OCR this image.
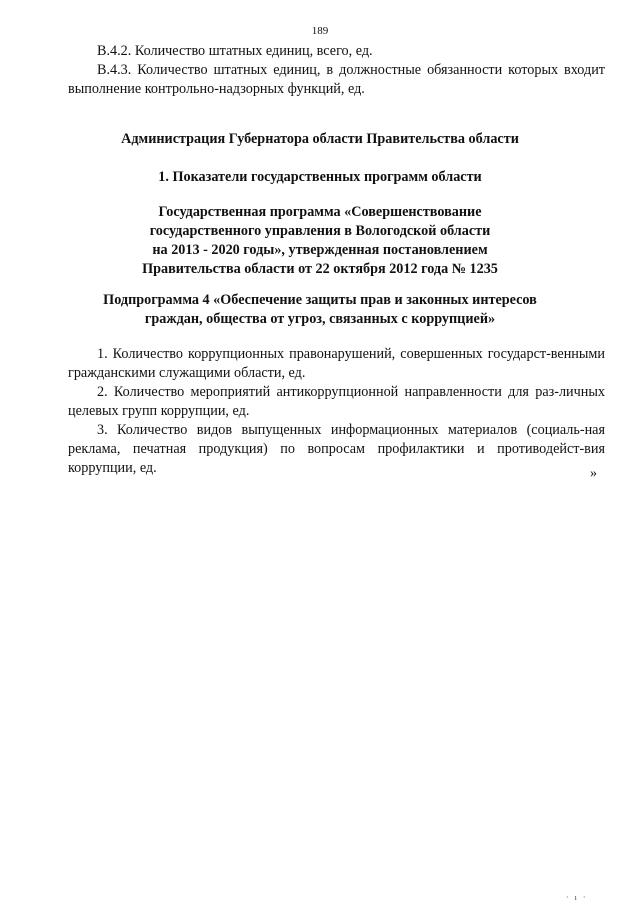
189
В.4.2. Количество штатных единиц, всего, ед.
В.4.3. Количество штатных единиц, в должностные обязанности которых входит выполнение контрольно-надзорных функций, ед.
Администрация Губернатора области Правительства области
1. Показатели государственных программ области
Государственная программа «Совершенствование
государственного управления в Вологодской области
на 2013 - 2020 годы», утвержденная постановлением
Правительства области от 22 октября 2012 года № 1235
Подпрограмма 4 «Обеспечение защиты прав и законных интересов
граждан, общества от угроз, связанных с коррупцией»
1. Количество коррупционных правонарушений, совершенных государст-венными гражданскими служащими области, ед.
2. Количество мероприятий антикоррупционной направленности для раз-личных целевых групп коррупции, ед.
3. Количество видов выпущенных информационных материалов (социаль-ная реклама, печатная продукция) по вопросам профилактики и противодейст-вия коррупции, ед.	»
· ı ·
